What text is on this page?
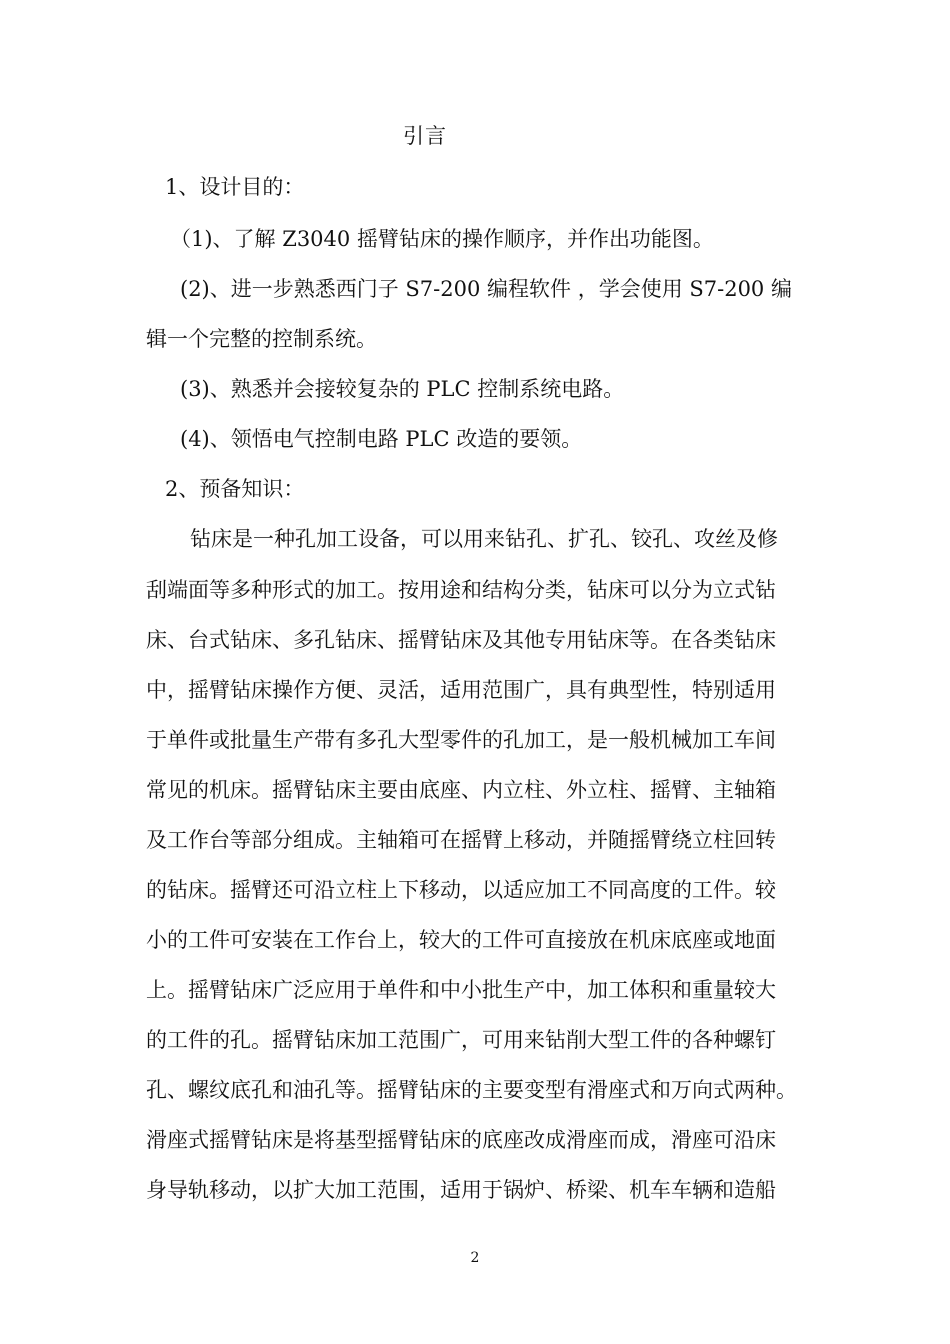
引言
1、设计目的：
（1)、了解 Z3040 摇臂钻床的操作顺序，并作出功能图。
(2)、进一步熟悉西门子 S7-200 编程软件 ，学会使用 S7-200 编
辑一个完整的控制系统。
(3)、熟悉并会接较复杂的 PLC 控制系统电路。
(4)、领悟电气控制电路 PLC 改造的要领。
2、预备知识：
钻床是一种孔加工设备，可以用来钻孔、扩孔、铰孔、攻丝及修
刮端面等多种形式的加工。按用途和结构分类，钻床可以分为立式钻
床、台式钻床、多孔钻床、摇臂钻床及其他专用钻床等。在各类钻床
中，摇臂钻床操作方便、灵活，适用范围广，具有典型性，特别适用
于单件或批量生产带有多孔大型零件的孔加工，是一般机械加工车间
常见的机床。摇臂钻床主要由底座、内立柱、外立柱、摇臂、主轴箱
及工作台等部分组成。主轴箱可在摇臂上移动，并随摇臂绕立柱回转
的钻床。摇臂还可沿立柱上下移动，以适应加工不同高度的工件。较
小的工件可安装在工作台上，较大的工件可直接放在机床底座或地面
上。摇臂钻床广泛应用于单件和中小批生产中，加工体积和重量较大
的工件的孔。摇臂钻床加工范围广，可用来钻削大型工件的各种螺钉
孔、螺纹底孔和油孔等。摇臂钻床的主要变型有滑座式和万向式两种。
滑座式摇臂钻床是将基型摇臂钻床的底座改成滑座而成，滑座可沿床
身导轨移动，以扩大加工范围，适用于锅炉、桥梁、机车车辆和造船
2
